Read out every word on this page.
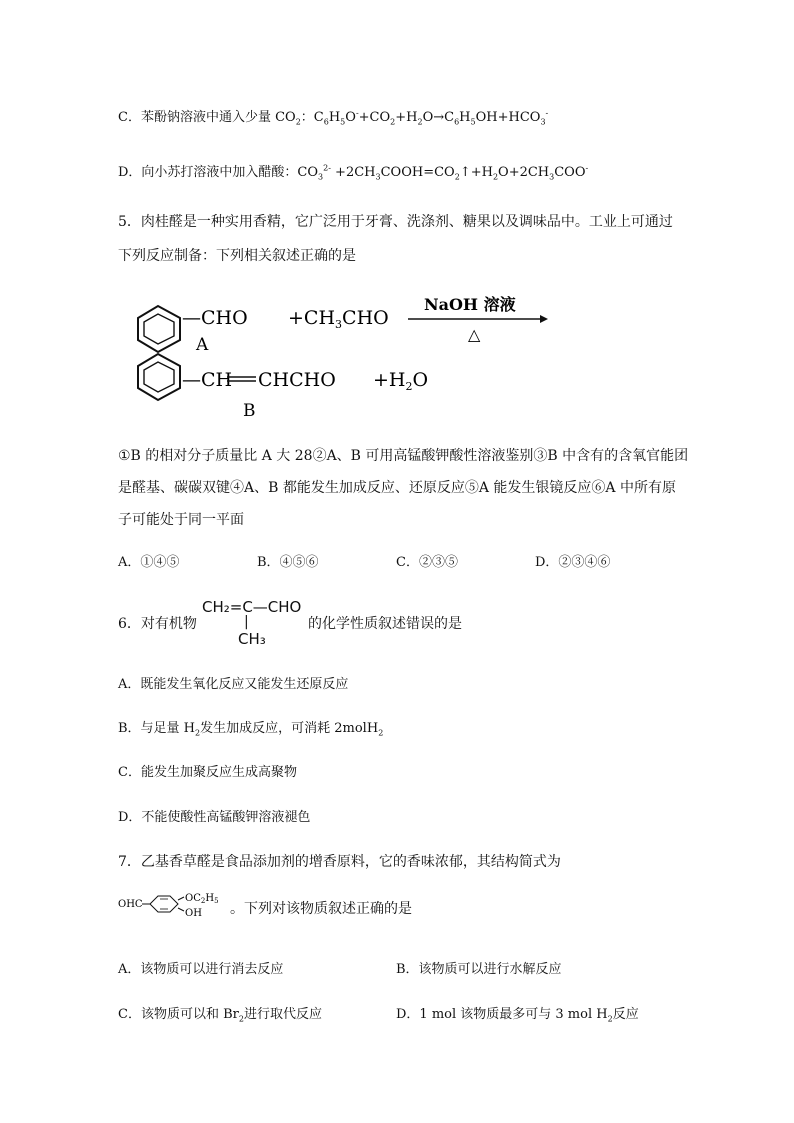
C．苯酚钠溶液中通入少量 $CO_2$：$C_6H_5O^-+CO_2+H_2O\to C_6H_5OH+HCO_3^-$
D．向小苏打溶液中加入醋酸：$CO_3^{2-}$ $+2CH_3COOH=CO_2↑+H_2O+2CH_3COO^-$
5．肉桂醛是一种实用香精，它广泛用于牙膏、洗涤剂、糖果以及调味品中。工业上可通过
下列反应制备：下列相关叙述正确的是
—CHO
A
$+CH_3CHO$
NaOH 溶液
△
—CH CHCHO $+H_2O$
B
①B 的相对分子质量比 A 大 28②A、B 可用高锰酸钾酸性溶液鉴别③B 中含有的含氧官能团
是醛基、碳碳双键④A、B 都能发生加成反应、还原反应⑤A 能发生银镜反应⑥A 中所有原
子可能处于同一平面
A．①④⑤	B．④⑤⑥	C．②③⑤	D．②③④⑥
6．对有机物
CH₂=C—CHO
|
CH₃
的化学性质叙述错误的是
A．既能发生氧化反应又能发生还原反应
B．与足量 $H_2$发生加成反应，可消耗 2molH$_2$
C．能发生加聚反应生成高聚物
D．不能使酸性高锰酸钾溶液褪色
7．乙基香草醛是食品添加剂的增香原料，它的香味浓郁，其结构简式为
OHC
$OC_2H_5$
OH 。下列对该物质叙述正确的是
A．该物质可以进行消去反应	B．该物质可以进行水解反应
C．该物质可以和 $Br_2$进行取代反应	D．1 mol 该物质最多可与 3 mol $H_2$反应
